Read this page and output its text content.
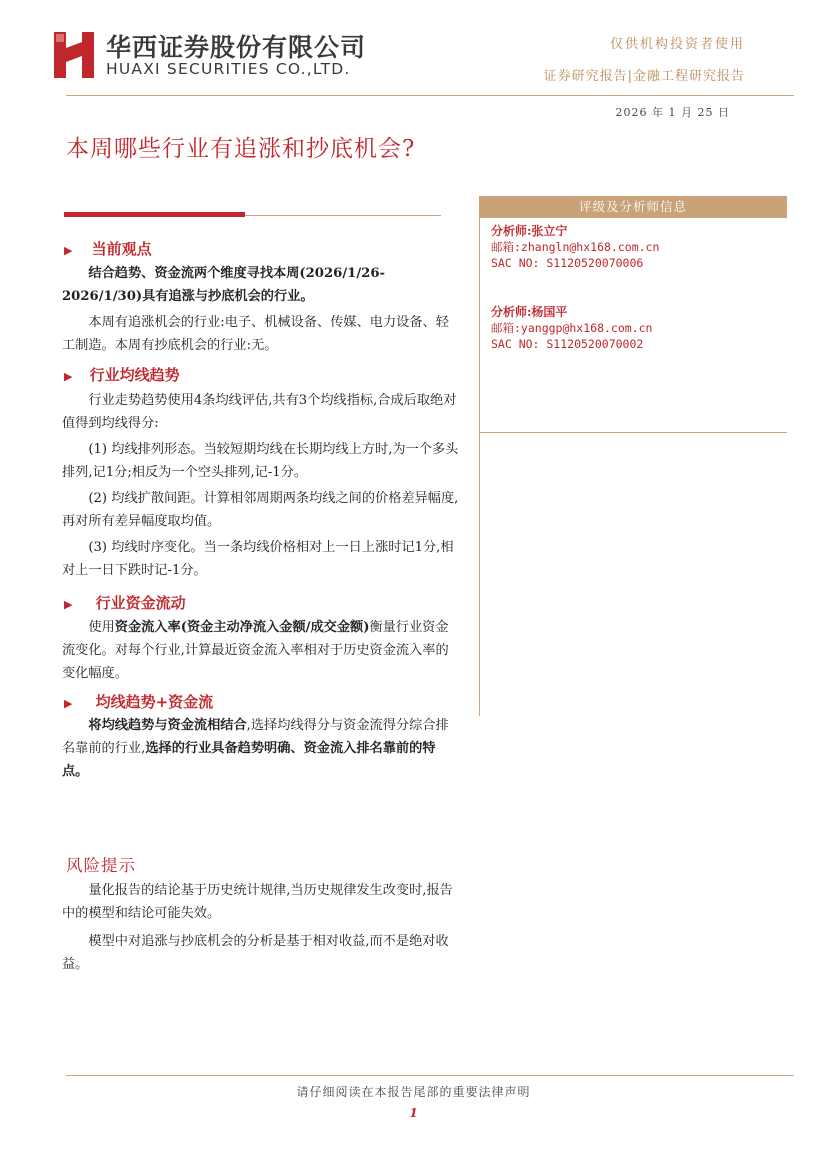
华西证券股份有限公司
HUAXI SECURITIES CO.,LTD.
仅供机构投资者使用
证券研究报告|金融工程研究报告
2026 年 1 月 25 日
本周哪些行业有追涨和抄底机会?
▶ 当前观点

结合趋势、资金流两个维度寻找本周(2026/1/26-2026/1/30)具有追涨与抄底机会的行业。

本周有追涨机会的行业:电子、机械设备、传媒、电力设备、轻工制造。本周有抄底机会的行业:无。

▶ 行业均线趋势

行业走势趋势使用4条均线评估,共有3个均线指标,合成后取绝对值得到均线得分:

(1) 均线排列形态。当较短期均线在长期均线上方时,为一个多头排列,记1分;相反为一个空头排列,记-1分。

(2) 均线扩散间距。计算相邻周期两条均线之间的价格差异幅度,再对所有差异幅度取均值。

(3) 均线时序变化。当一条均线价格相对上一日上涨时记1分,相对上一日下跌时记-1分。

▶ 行业资金流动

使用资金流入率(资金主动净流入金额/成交金额)衡量行业资金流变化。对每个行业,计算最近资金流入率相对于历史资金流入率的变化幅度。

▶ 均线趋势+资金流

将均线趋势与资金流相结合,选择均线得分与资金流得分综合排名靠前的行业,选择的行业具备趋势明确、资金流入排名靠前的特点。

风险提示

量化报告的结论基于历史统计规律,当历史规律发生改变时,报告中的模型和结论可能失效。

模型中对追涨与抄底机会的分析是基于相对收益,而不是绝对收益。

评级及分析师信息
分析师:张立宁
邮箱:zhangln@hx168.com.cn
SAC NO: S1120520070006
分析师:杨国平
邮箱:yanggp@hx168.com.cn
SAC NO: S1120520070002
请仔细阅读在本报告尾部的重要法律声明
1
